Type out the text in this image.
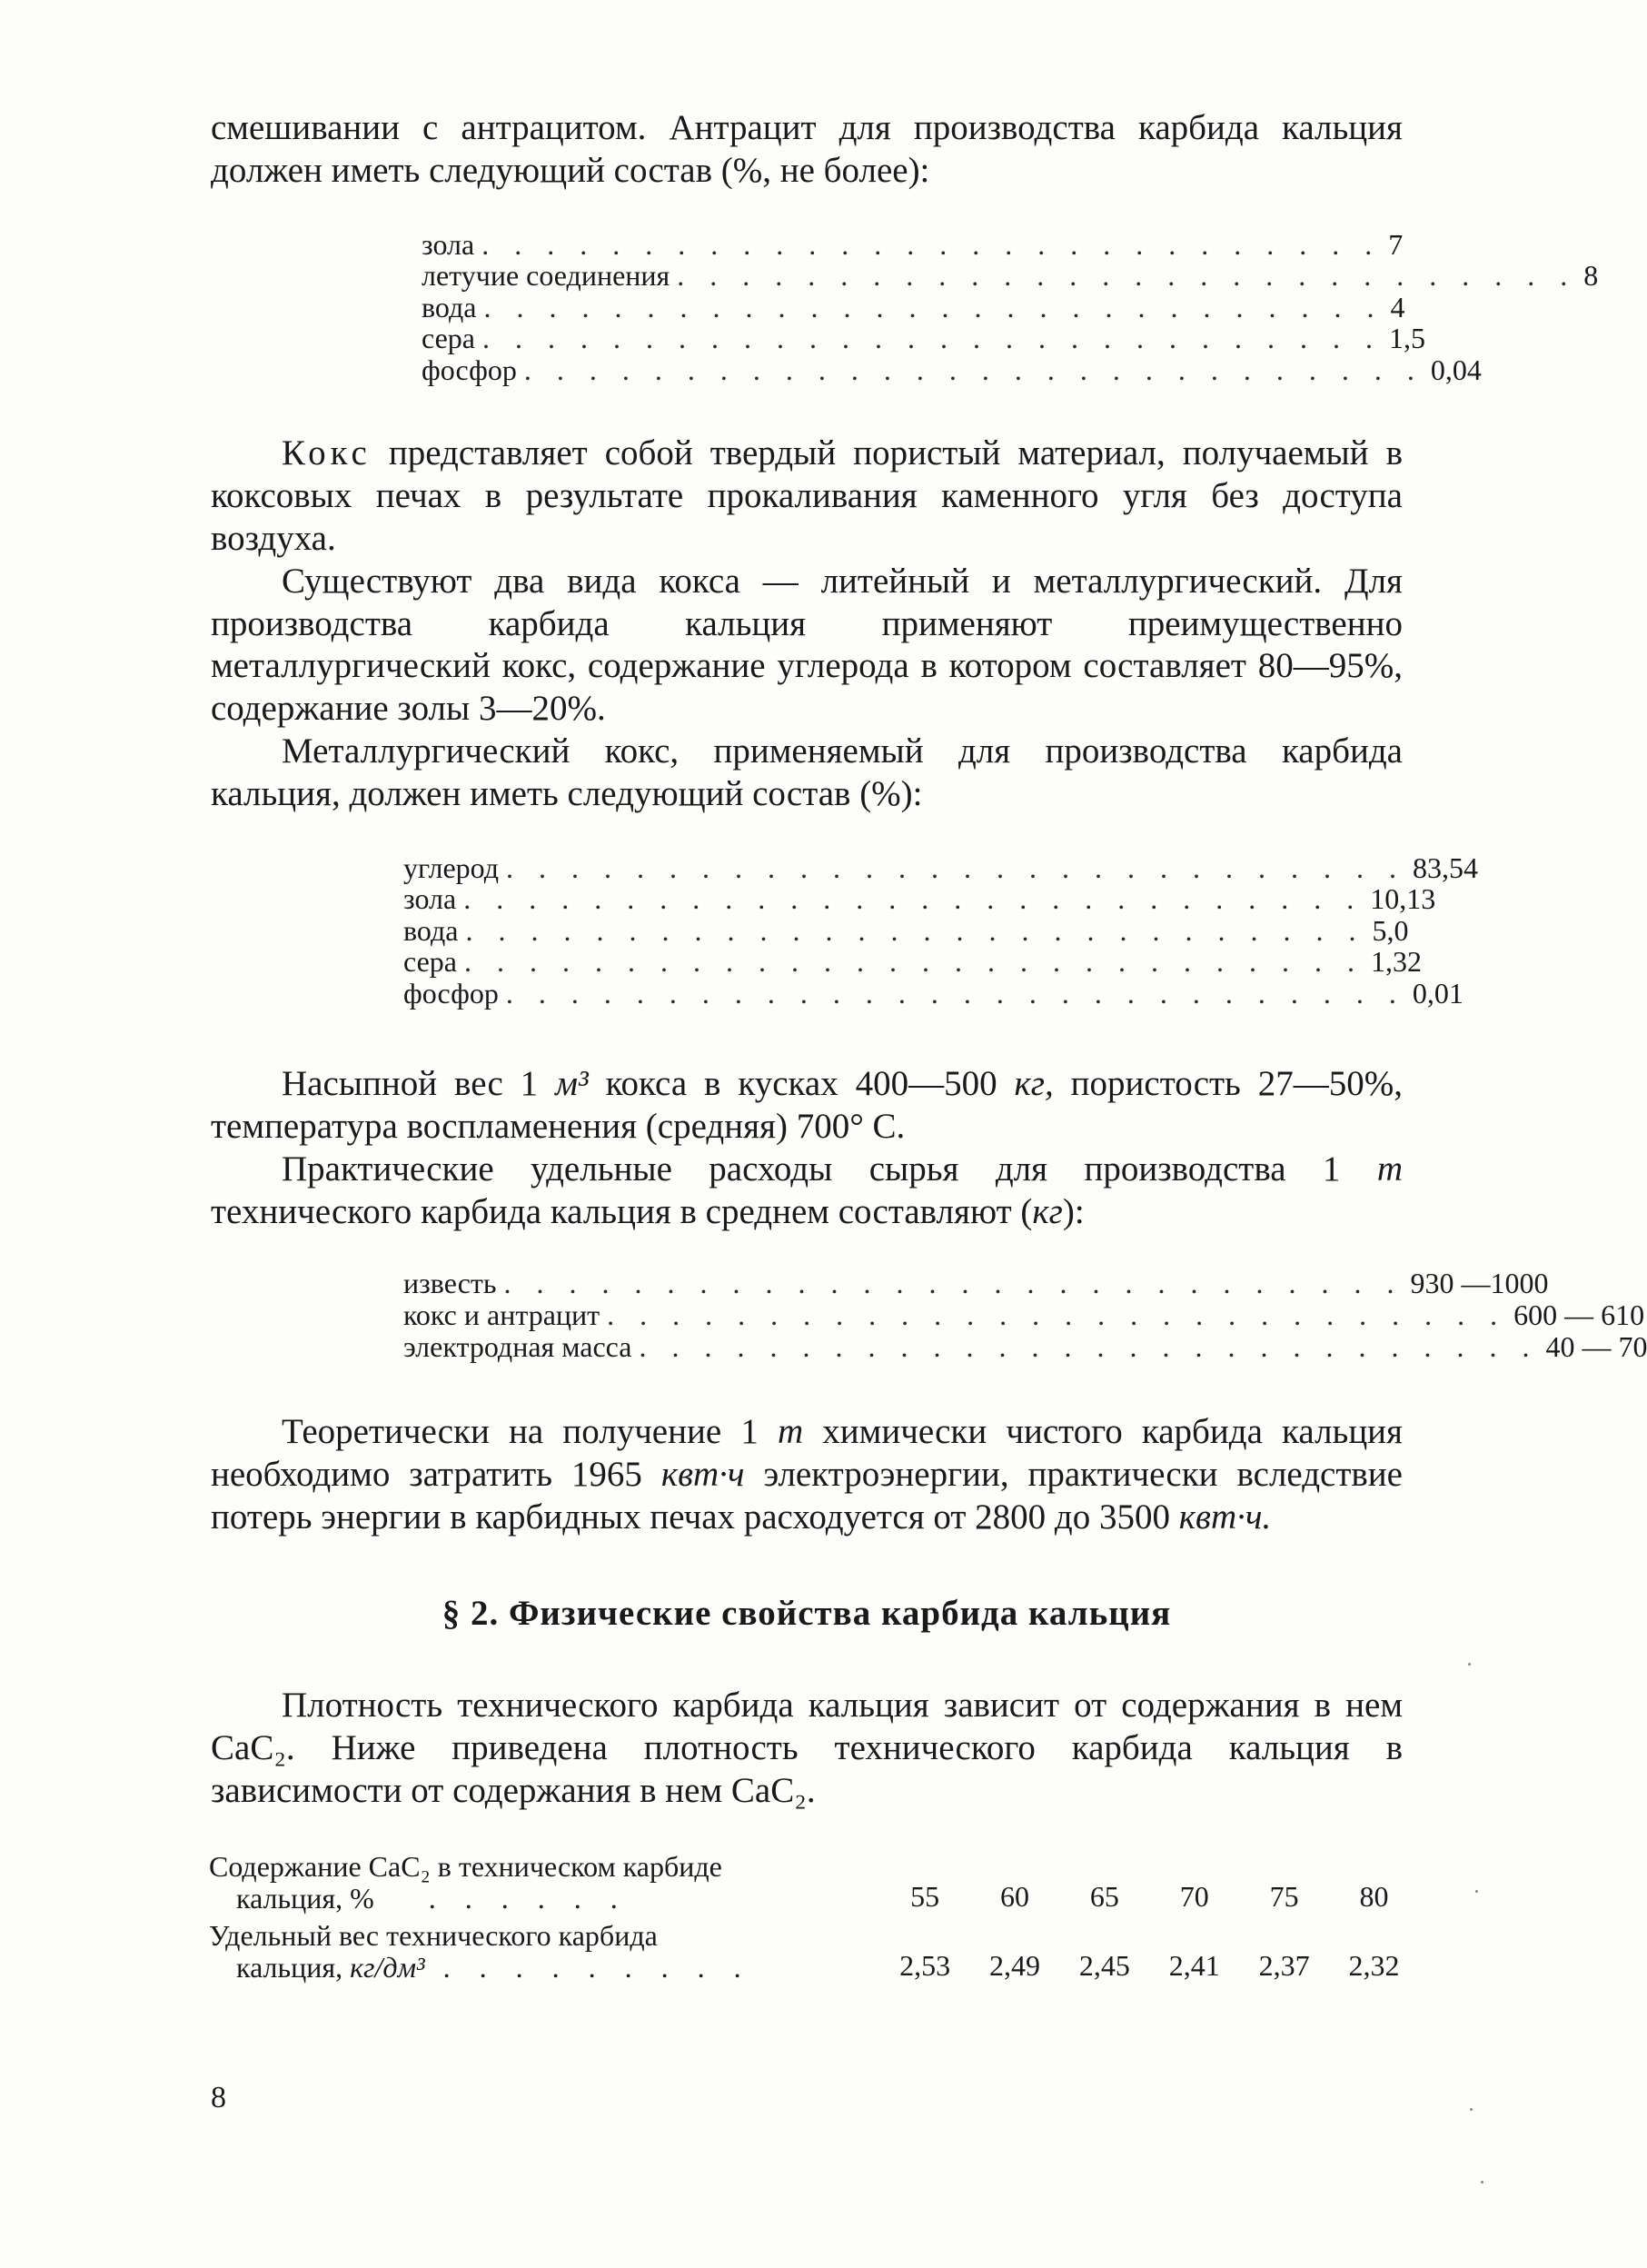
смешивании с антрацитом. Антрацит для производства карбида кальция должен иметь следующий состав (%, не более):

зола . . . . . . . . . . . . . . . . . . . . . . . . . . . . 7
летучие соединения . . . . . . . . . . . . . . . . . . . . . . . . . . . . 8
вода . . . . . . . . . . . . . . . . . . . . . . . . . . . . 4
сера . . . . . . . . . . . . . . . . . . . . . . . . . . . . 1,5
фосфор . . . . . . . . . . . . . . . . . . . . . . . . . . . . 0,04

Кокс представляет собой твердый пористый материал, получаемый в коксовых печах в результате прокаливания каменного угля без доступа воздуха.

Существуют два вида кокса — литейный и металлургический. Для производства карбида кальция применяют преимущественно металлургический кокс, содержание углерода в котором составляет 80—95%, содержание золы 3—20%.

Металлургический кокс, применяемый для производства карбида кальция, должен иметь следующий состав (%):

углерод . . . . . . . . . . . . . . . . . . . . . . . . . . . . 83,54
зола . . . . . . . . . . . . . . . . . . . . . . . . . . . . 10,13
вода . . . . . . . . . . . . . . . . . . . . . . . . . . . . 5,0
сера . . . . . . . . . . . . . . . . . . . . . . . . . . . . 1,32
фосфор . . . . . . . . . . . . . . . . . . . . . . . . . . . . 0,01

Насыпной вес 1 м³ кокса в кусках 400—500 кг, пористость 27—50%, температура воспламенения (средняя) 700° С.

Практические удельные расходы сырья для производства 1 т технического карбида кальция в среднем составляют (кг):

известь . . . . . . . . . . . . . . . . . . . . . . . . . . . . 930 —1000
кокс и антрацит . . . . . . . . . . . . . . . . . . . . . . . . . . . . 600 — 610
электродная масса . . . . . . . . . . . . . . . . . . . . . . . . . . . . 40 — 70

Теоретически на получение 1 т химически чистого карбида кальция необходимо затратить 1965 квт·ч электроэнергии, практически вследствие потерь энергии в карбидных печах расходуется от 2800 до 3500 квт·ч.

§ 2. Физические свойства карбида кальция

Плотность технического карбида кальция зависит от содержания в нем CaC₂. Ниже приведена плотность технического карбида кальция в зависимости от содержания в нем CaC₂.

Содержание CaC₂ в техническом карбиде
кальция, %   . . . . . .	55	60	65	70	75	80

Удельный вес технического карбида
кальция, кг/дм³ . . . . . . . . .	2,53	2,49	2,45	2,41	2,37	2,32
8
